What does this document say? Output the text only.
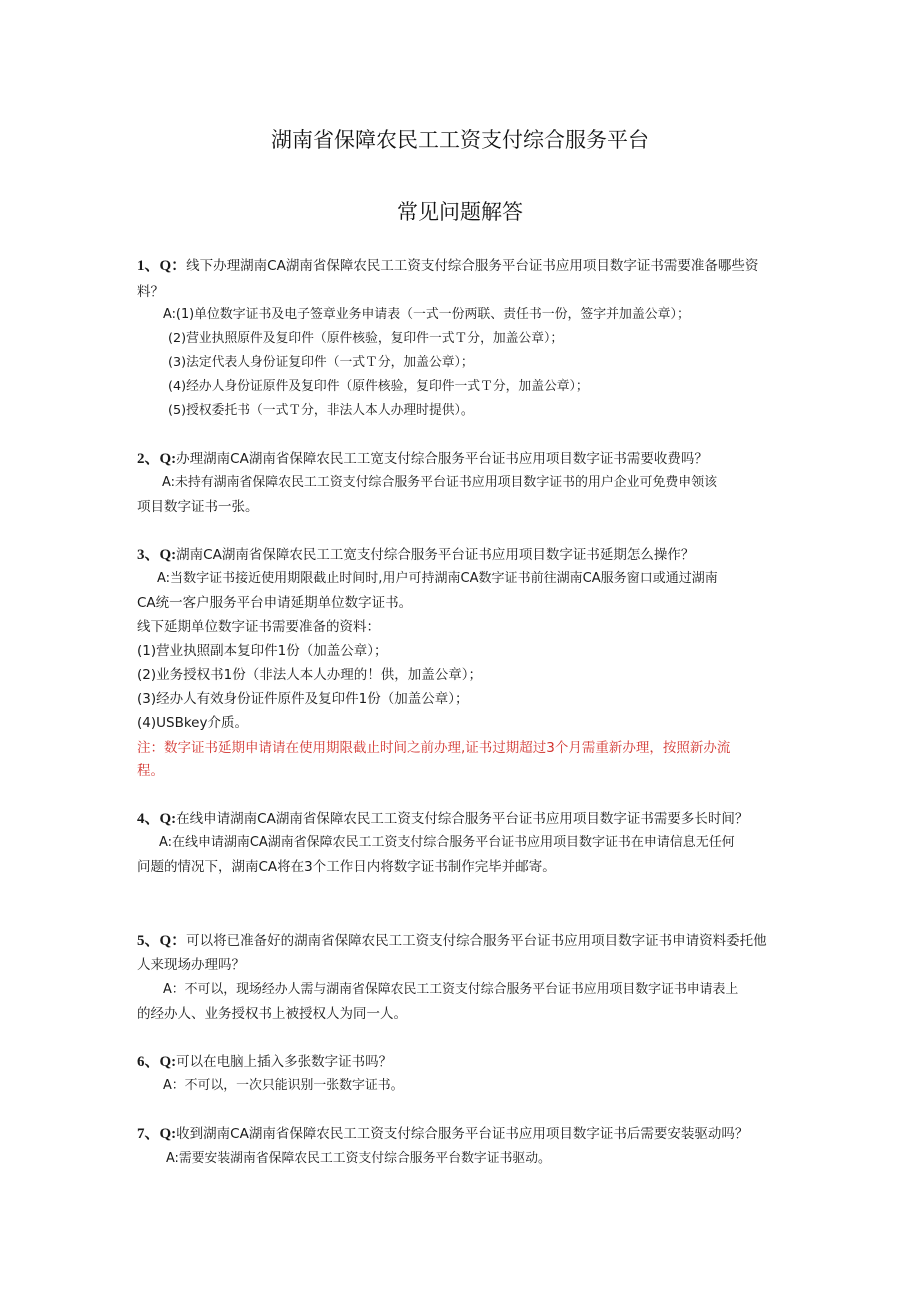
湖南省保障农民工工资支付综合服务平台
常见问题解答
1、Q：线下办理湖南CA湖南省保障农民工工资支付综合服务平台证书应用项目数字证书需要准备哪些资
料？
A:(1)单位数字证书及电子签章业务申请表（一式一份两联、责任书一份，签字并加盖公章）；
(2)营业执照原件及复印件（原件核验，复印件一式Ｔ分，加盖公章）；
(3)法定代表人身份证复印件（一式Ｔ分，加盖公章）；
(4)经办人身份证原件及复印件（原件核验，复印件一式Ｔ分，加盖公章）；
(5)授权委托书（一式Ｔ分，非法人本人办理时提供）。
2、Q:办理湖南CA湖南省保障农民工工宽支付综合服务平台证书应用项目数字证书需要收费吗？
A:未持有湖南省保障农民工工资支付综合服务平台证书应用项目数字证书的用户企业可免费申领该
项目数字证书一张。
3、Q:湖南CA湖南省保障农民工工宽支付综合服务平台证书应用项目数字证书延期怎么操作？
A:当数字证书接近使用期限截止时间时,用户可持湖南CA数字证书前往湖南CA服务窗口或通过湖南
CA统一客户服务平台申请延期单位数字证书。
线下延期单位数字证书需要准备的资料：
(1)营业执照副本复印件1份（加盖公章）；
(2)业务授权书1份（非法人本人办理的！供，加盖公章）；
(3)经办人有效身份证件原件及复印件1份（加盖公章）；
(4)USBkey介质。
注：数字证书延期申请请在使用期限截止时间之前办理,证书过期超过3个月需重新办理，按照新办流
程。
4、Q:在线申请湖南CA湖南省保障农民工工资支付综合服务平台证书应用项目数字证书需要多长时间？
A:在线申请湖南CA湖南省保障农民工工资支付综合服务平台证书应用项目数字证书在申请信息无任何
问题的情况下，湖南CA将在3个工作日内将数字证书制作完毕并邮寄。
5、Q：可以将已准备好的湖南省保障农民工工资支付综合服务平台证书应用项目数字证书申请资料委托他
人来现场办理吗？
A：不可以，现场经办人需与湖南省保障农民工工资支付综合服务平台证书应用项目数字证书申请表上
的经办人、业务授权书上被授权人为同一人。
6、Q:可以在电脑上插入多张数字证书吗？
A：不可以，一次只能识别一张数字证书。
7、Q:收到湖南CA湖南省保障农民工工资支付综合服务平台证书应用项目数字证书后需要安装驱动吗？
A:需要安装湖南省保障农民工工资支付综合服务平台数字证书驱动。
